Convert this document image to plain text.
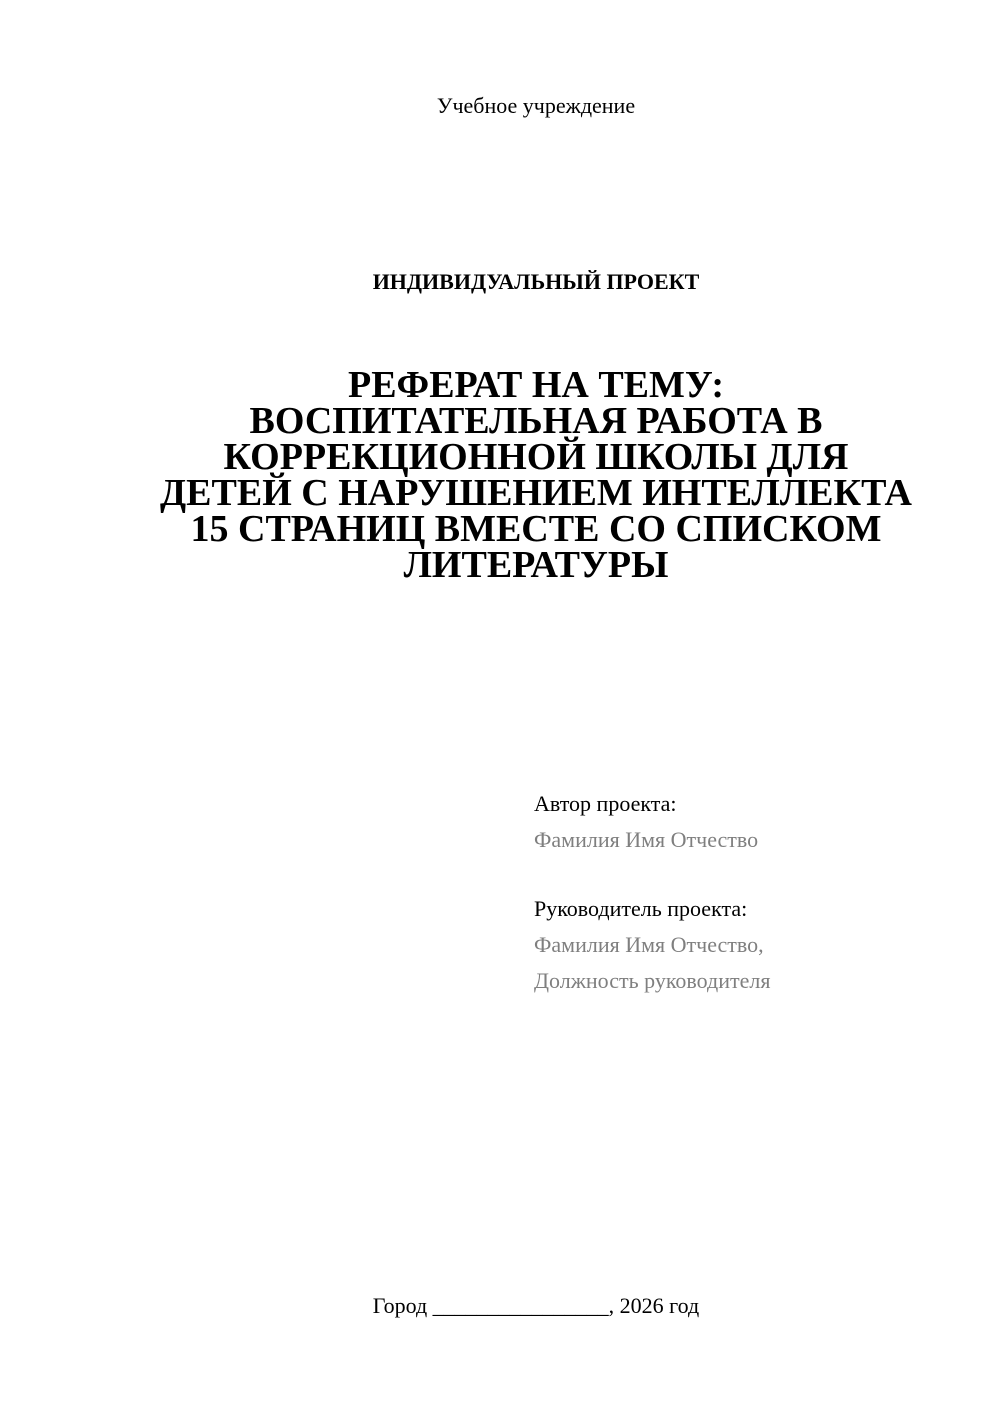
Учебное учреждение
ИНДИВИДУАЛЬНЫЙ ПРОЕКТ
РЕФЕРАТ НА ТЕМУ:
ВОСПИТАТЕЛЬНАЯ РАБОТА В
КОРРЕКЦИОННОЙ ШКОЛЫ ДЛЯ
ДЕТЕЙ С НАРУШЕНИЕМ ИНТЕЛЛЕКТА
15 СТРАНИЦ ВМЕСТЕ СО СПИСКОМ
ЛИТЕРАТУРЫ
Автор проекта:
Фамилия Имя Отчество
Руководитель проекта:
Фамилия Имя Отчество,
Должность руководителя
Город ________________, 2026 год
